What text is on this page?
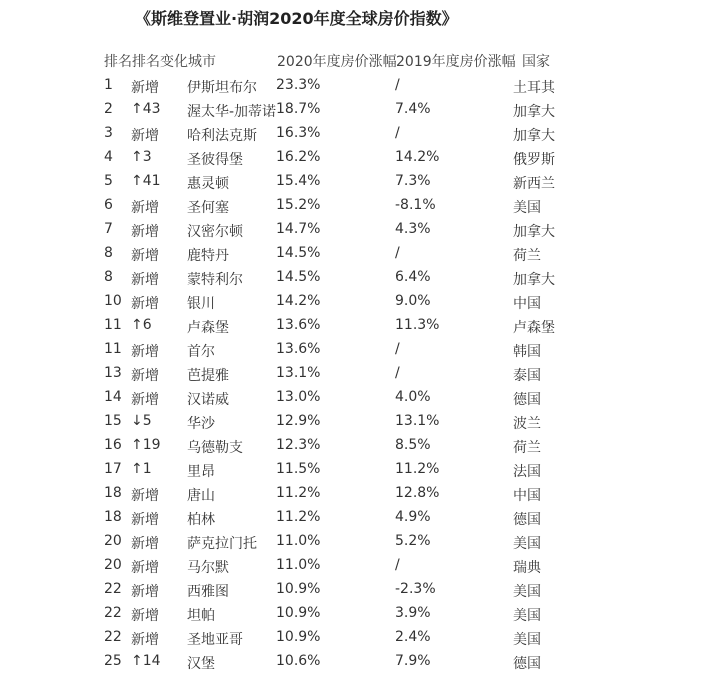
《斯维登置业·胡润2020年度全球房价指数》
排名 排名变化 城市	2020年度房价涨幅 2019年度房价涨幅 国家
1 新增 伊斯坦布尔 23.3%	/	土耳其
2 ↑43 渥太华-加蒂诺 18.7%	7.4%	加拿大
3 新增 哈利法克斯 16.3%	/	加拿大
4 ↑3	圣彼得堡 16.2%	14.2%	俄罗斯
5 ↑41 惠灵顿	15.4%	7.3%	新西兰
6 新增 圣何塞	15.2%	-8.1%	美国
7 新增 汉密尔顿 14.7%	4.3%	加拿大
8 新增 鹿特丹	14.5%	/	荷兰
8 新增 蒙特利尔 14.5%	6.4%	加拿大
10 新增 银川	14.2%	9.0%	中国
11 ↑6	卢森堡	13.6%	11.3%	卢森堡
11 新增 首尔	13.6%	/	韩国
13 新增 芭提雅	13.1%	/	泰国
14 新增 汉诺威	13.0%	4.0%	德国
15 ↓5	华沙	12.9%	13.1%	波兰
16 ↑19 乌德勒支 12.3%	8.5%	荷兰
17 ↑1	里昂	11.5%	11.2%	法国
18 新增 唐山	11.2%	12.8%	中国
18 新增 柏林	11.2%	4.9%	德国
20 新增 萨克拉门托 11.0%	5.2%	美国
20 新增 马尔默	11.0%	/	瑞典
22 新增 西雅图	10.9%	-2.3%	美国
22 新增 坦帕	10.9%	3.9%	美国
22 新增 圣地亚哥 10.9%	2.4%	美国
25 ↑14 汉堡	10.6%	7.9%	德国
